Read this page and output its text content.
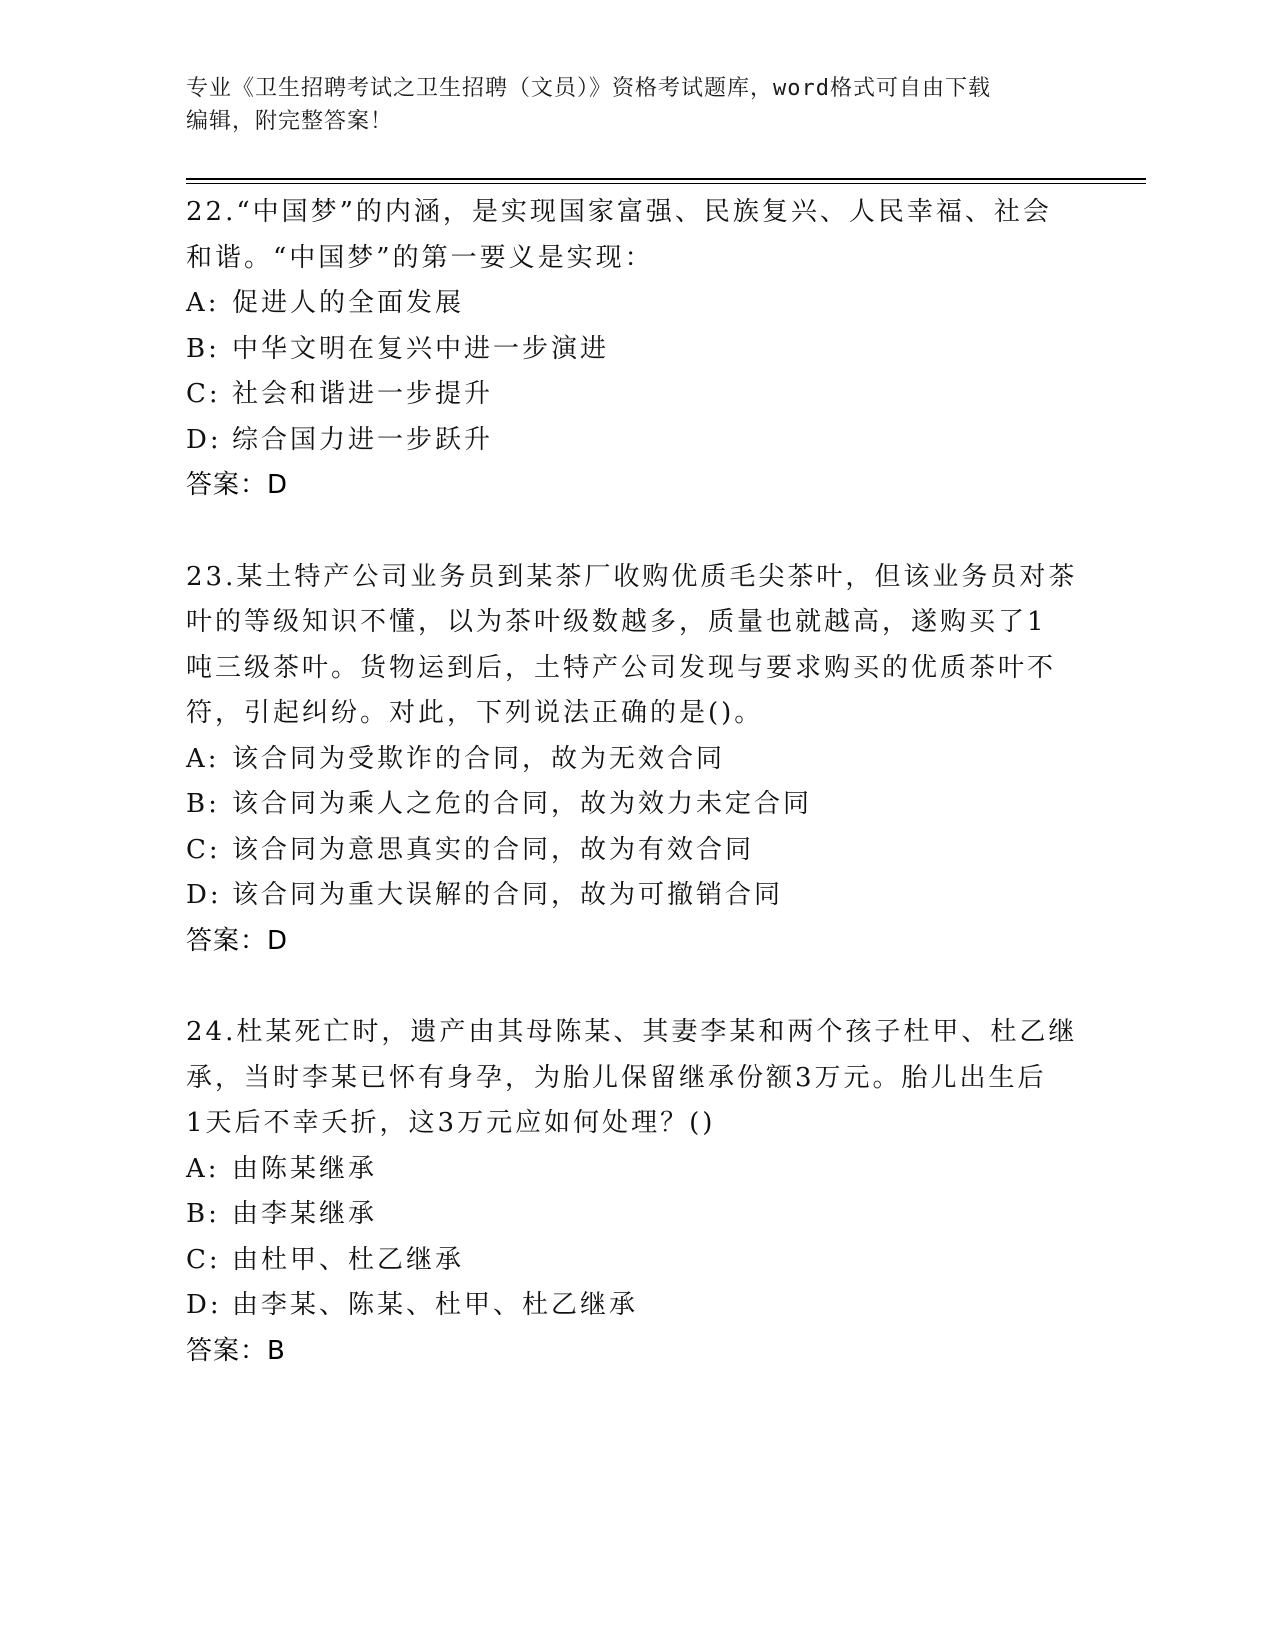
专业《卫生招聘考试之卫生招聘（文员）》资格考试题库，word格式可自由下载
编辑，附完整答案！
22.“中国梦”的内涵，是实现国家富强、民族复兴、人民幸福、社会
和谐。“中国梦”的第一要义是实现：
A: 促进人的全面发展
B: 中华文明在复兴中进一步演进
C: 社会和谐进一步提升
D: 综合国力进一步跃升
答案：D
23.某土特产公司业务员到某茶厂收购优质毛尖茶叶，但该业务员对茶
叶的等级知识不懂，以为茶叶级数越多，质量也就越高，遂购买了1
吨三级茶叶。货物运到后，土特产公司发现与要求购买的优质茶叶不
符，引起纠纷。对此，下列说法正确的是()。
A: 该合同为受欺诈的合同，故为无效合同
B: 该合同为乘人之危的合同，故为效力未定合同
C: 该合同为意思真实的合同，故为有效合同
D: 该合同为重大误解的合同，故为可撤销合同
答案：D
24.杜某死亡时，遗产由其母陈某、其妻李某和两个孩子杜甲、杜乙继
承，当时李某已怀有身孕，为胎儿保留继承份额3万元。胎儿出生后
1天后不幸夭折，这3万元应如何处理？()
A: 由陈某继承
B: 由李某继承
C: 由杜甲、杜乙继承
D: 由李某、陈某、杜甲、杜乙继承
答案：B
